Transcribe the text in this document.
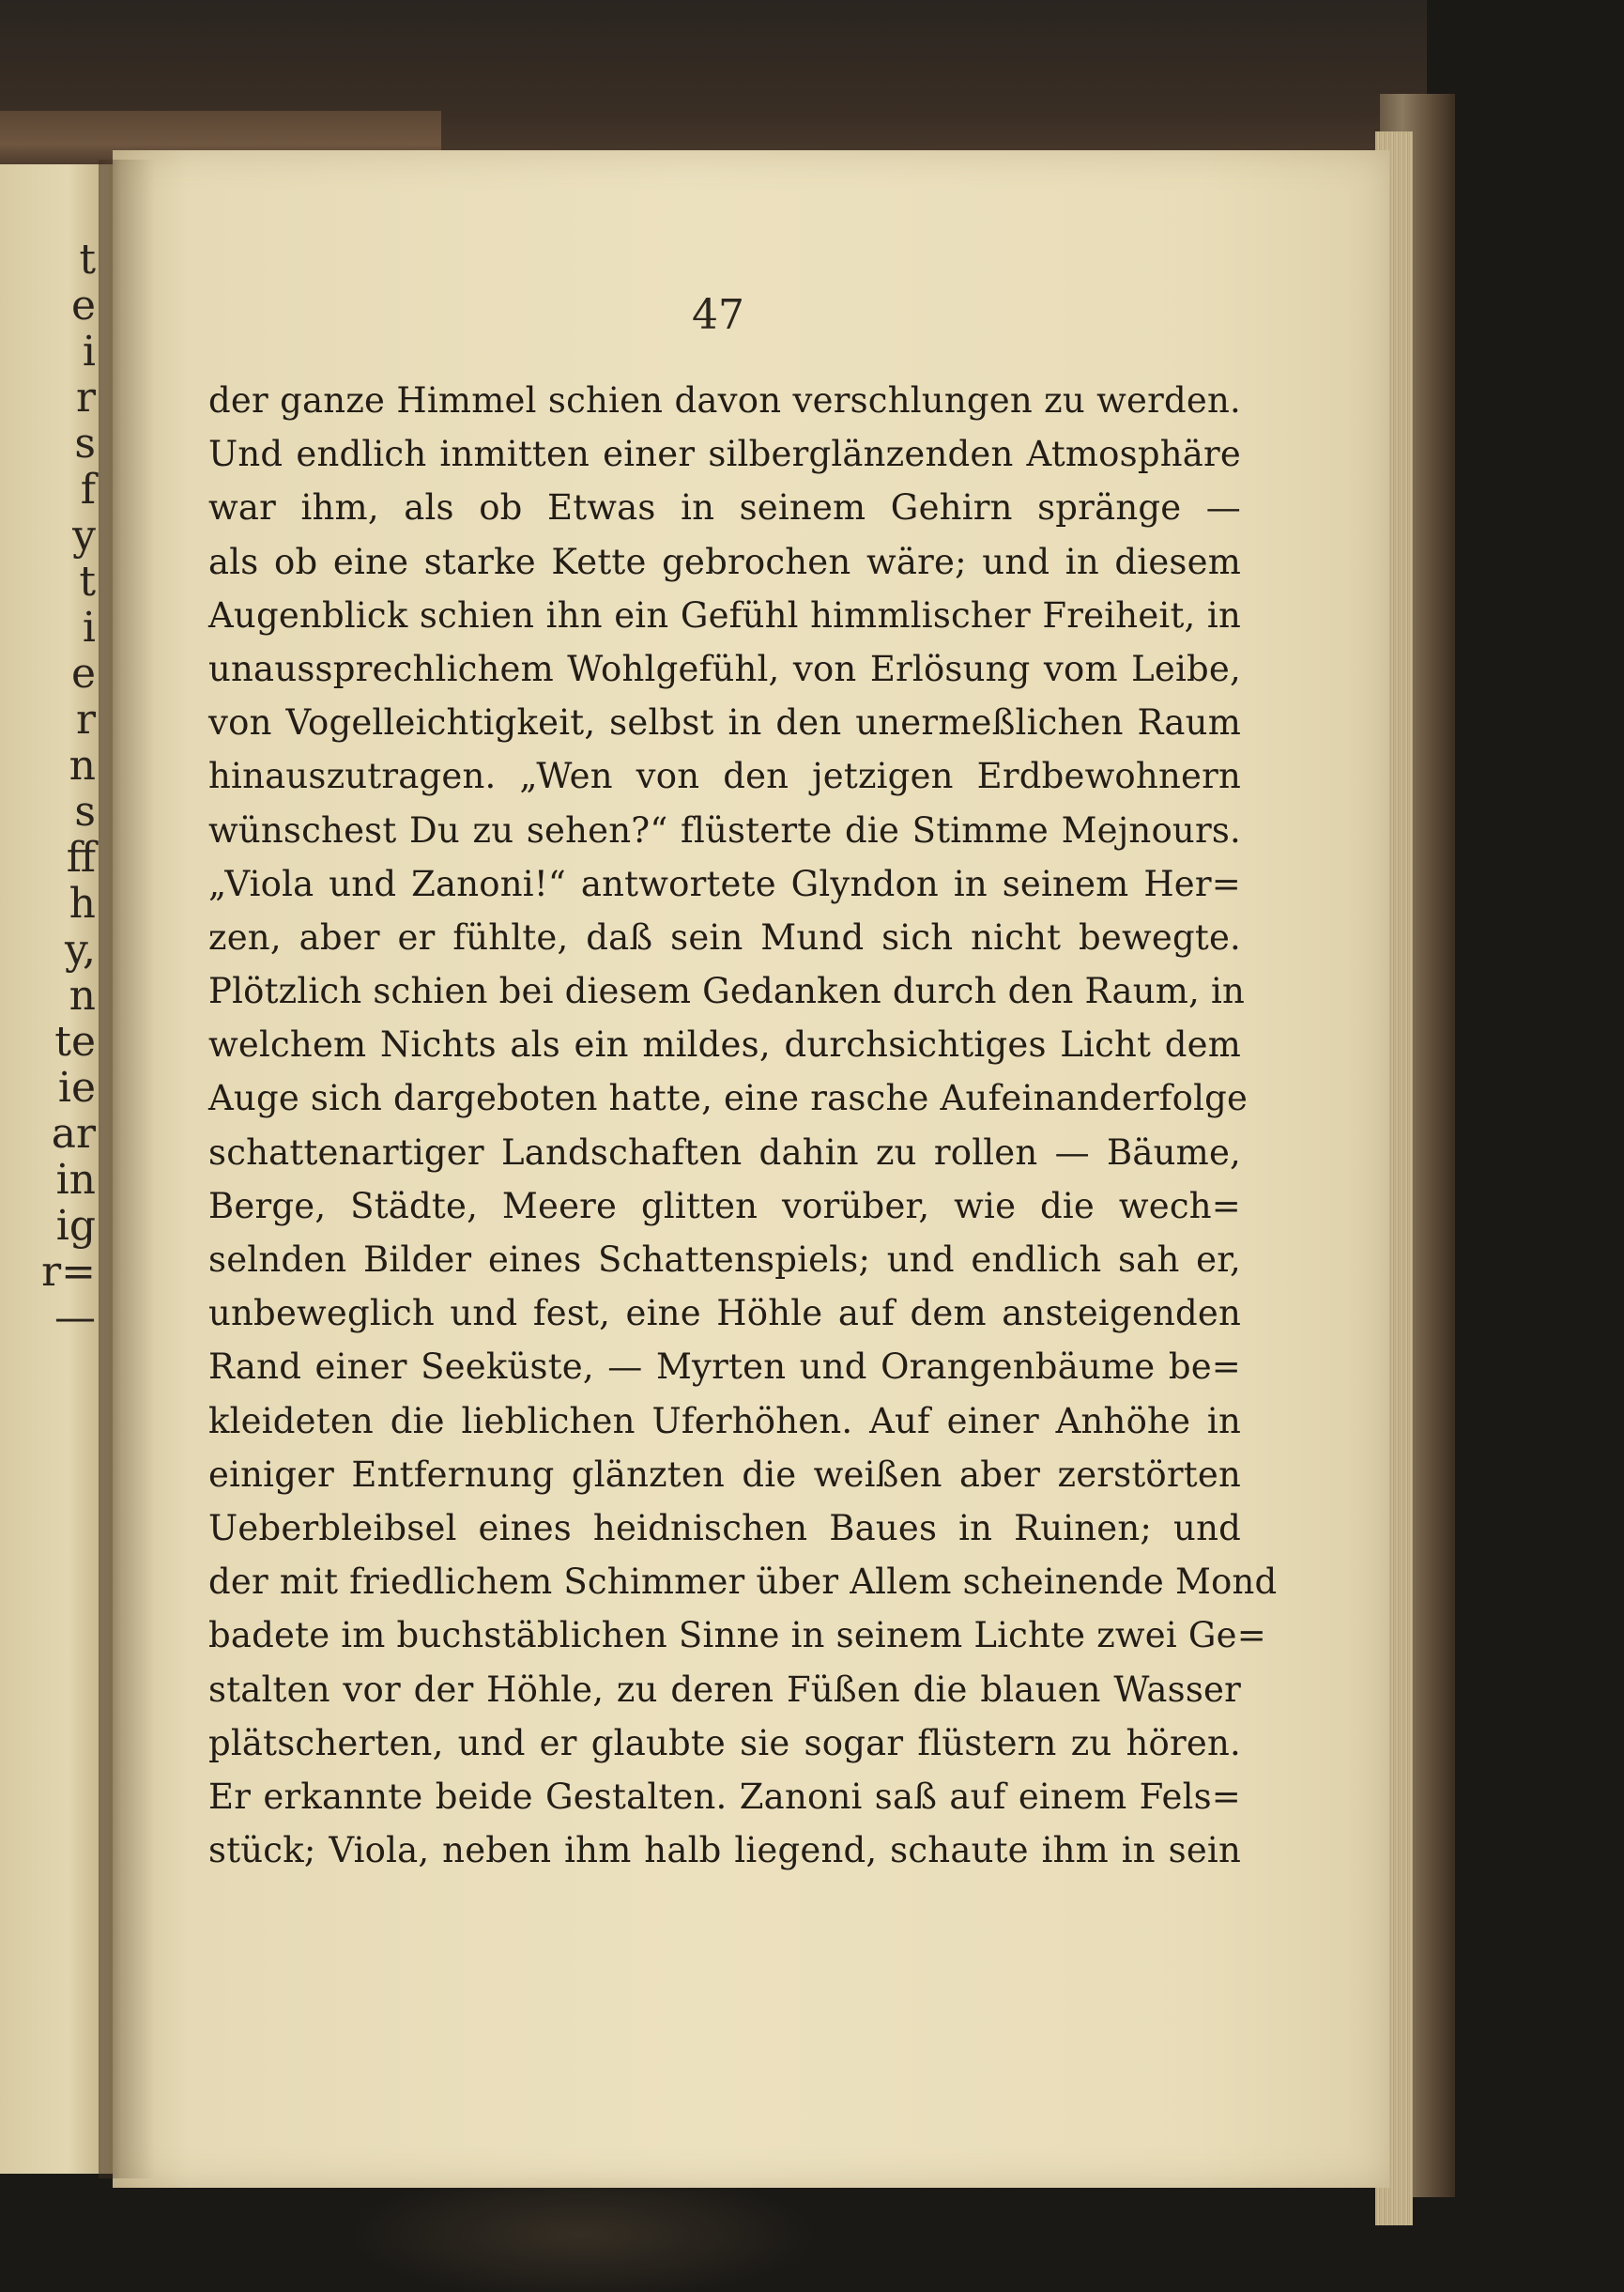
t
e
i
r
s
f
y
t
i
e
r
n
s
ff
h
y,
n
te
ie
ar
in
ig
r=
—
47
der ganze Himmel schien davon verschlungen zu werden.
Und endlich inmitten einer silberglänzenden Atmosphäre
war ihm, als ob Etwas in seinem Gehirn spränge —
als ob eine starke Kette gebrochen wäre; und in diesem
Augenblick schien ihn ein Gefühl himmlischer Freiheit, in
unaussprechlichem Wohlgefühl, von Erlösung vom Leibe,
von Vogelleichtigkeit, selbst in den unermeßlichen Raum
hinauszutragen. „Wen von den jetzigen Erdbewohnern
wünschest Du zu sehen?“ flüsterte die Stimme Mejnours.
„Viola und Zanoni!“ antwortete Glyndon in seinem Her=
zen, aber er fühlte, daß sein Mund sich nicht bewegte.
Plötzlich schien bei diesem Gedanken durch den Raum, in
welchem Nichts als ein mildes, durchsichtiges Licht dem
Auge sich dargeboten hatte, eine rasche Aufeinanderfolge
schattenartiger Landschaften dahin zu rollen — Bäume,
Berge, Städte, Meere glitten vorüber, wie die wech=
selnden Bilder eines Schattenspiels; und endlich sah er,
unbeweglich und fest, eine Höhle auf dem ansteigenden
Rand einer Seeküste, — Myrten und Orangenbäume be=
kleideten die lieblichen Uferhöhen. Auf einer Anhöhe in
einiger Entfernung glänzten die weißen aber zerstörten
Ueberbleibsel eines heidnischen Baues in Ruinen; und
der mit friedlichem Schimmer über Allem scheinende Mond
badete im buchstäblichen Sinne in seinem Lichte zwei Ge=
stalten vor der Höhle, zu deren Füßen die blauen Wasser
plätscherten, und er glaubte sie sogar flüstern zu hören.
Er erkannte beide Gestalten. Zanoni saß auf einem Fels=
stück; Viola, neben ihm halb liegend, schaute ihm in sein
